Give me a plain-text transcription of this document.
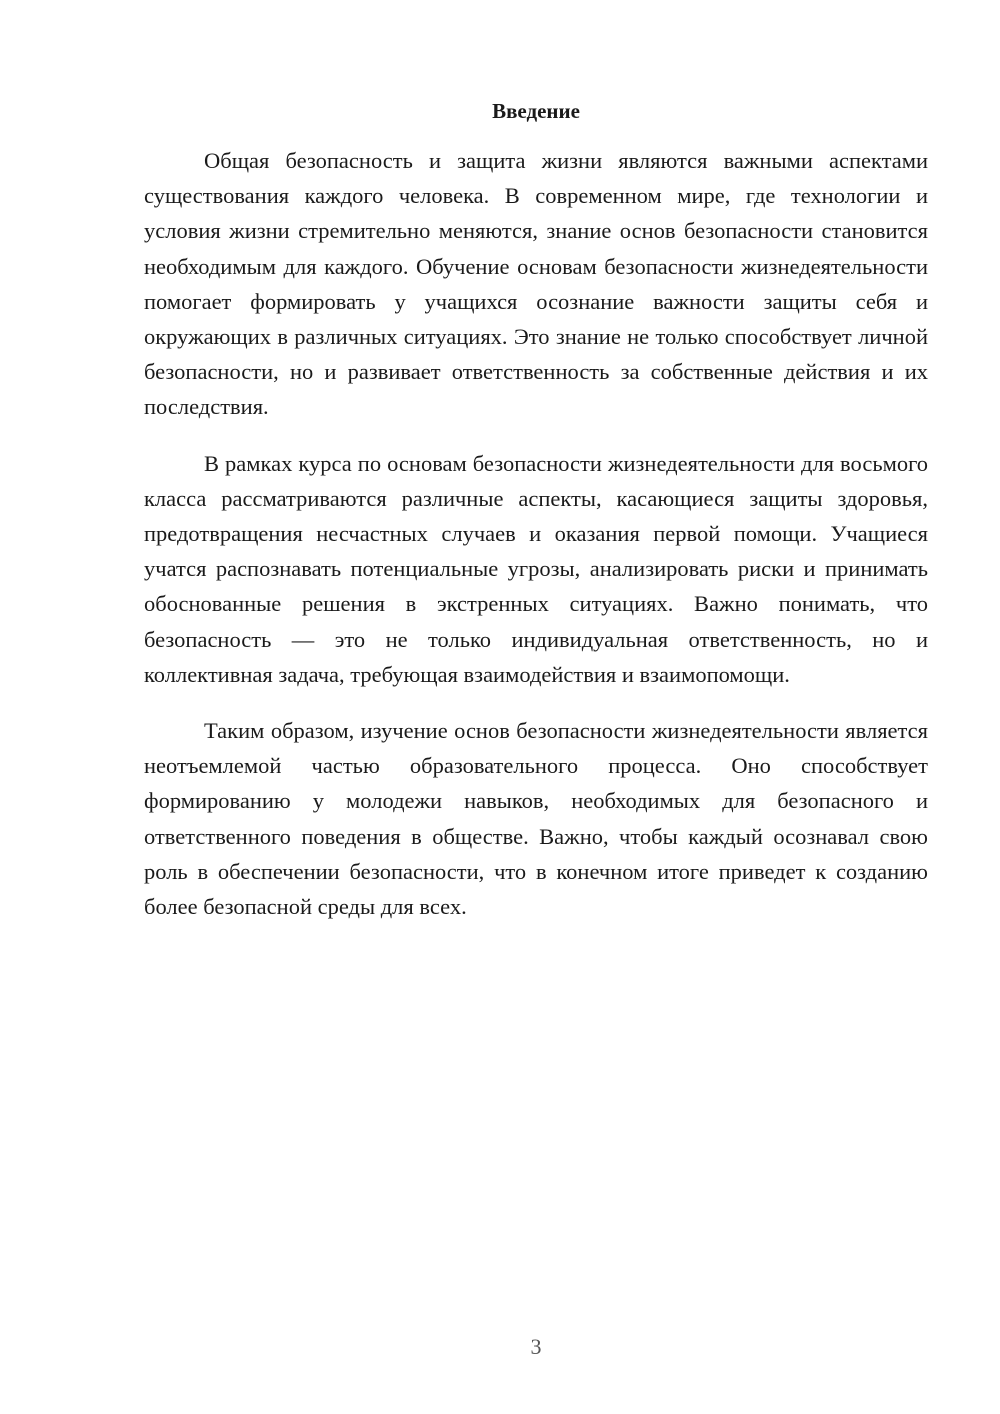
Введение

Общая безопасность и защита жизни являются важными аспектами существования каждого человека. В современном мире, где технологии и условия жизни стремительно меняются, знание основ безопасности становится необходимым для каждого. Обучение основам безопасности жизнедеятельности помогает формировать у учащихся осознание важности защиты себя и окружающих в различных ситуациях. Это знание не только способствует личной безопасности, но и развивает ответственность за собственные действия и их последствия.

В рамках курса по основам безопасности жизнедеятельности для восьмого класса рассматриваются различные аспекты, касающиеся защиты здоровья, предотвращения несчастных случаев и оказания первой помощи. Учащиеся учатся распознавать потенциальные угрозы, анализировать риски и принимать обоснованные решения в экстренных ситуациях. Важно понимать, что безопасность — это не только индивидуальная ответственность, но и коллективная задача, требующая взаимодействия и взаимопомощи.

Таким образом, изучение основ безопасности жизнедеятельности является неотъемлемой частью образовательного процесса. Оно способствует формированию у молодежи навыков, необходимых для безопасного и ответственного поведения в обществе. Важно, чтобы каждый осознавал свою роль в обеспечении безопасности, что в конечном итоге приведет к созданию более безопасной среды для всех.

3
